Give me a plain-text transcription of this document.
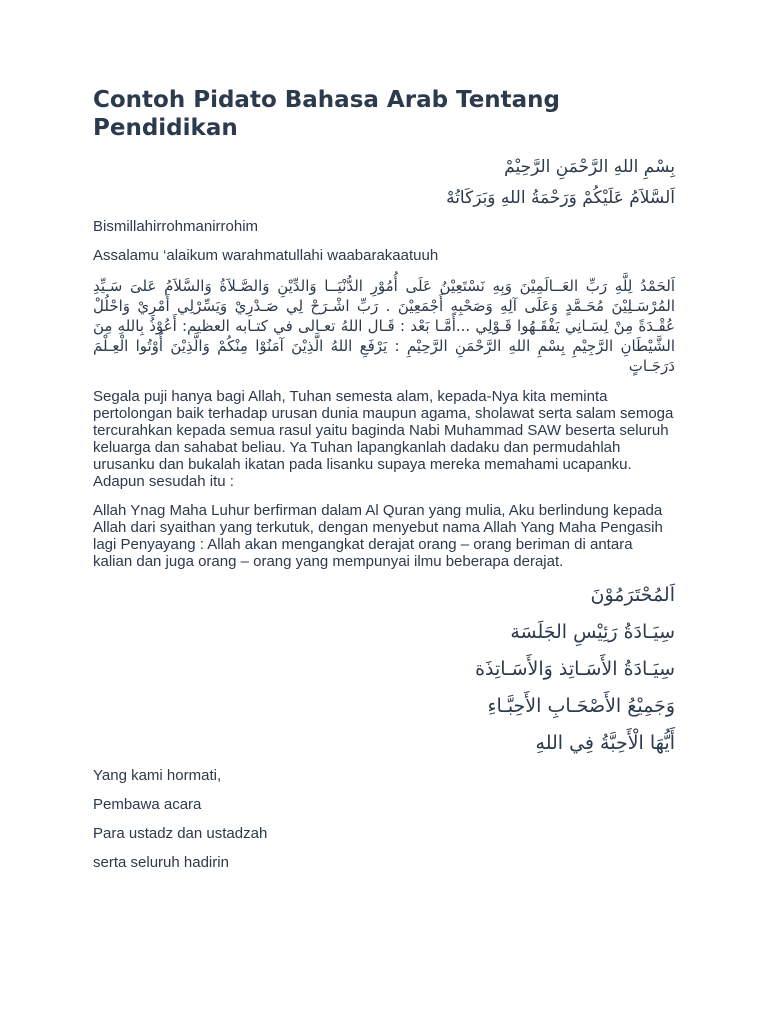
Contoh Pidato Bahasa Arab Tentang Pendidikan

بِسْمِ اللهِ الرَّحْمَنِ الرَّحِيْمْ

اَلسَّلاَمُ عَلَيْكُمْ وَرَحْمَةُ اللهِ وَبَرَكَاتُهْ

Bismillahirrohmanirrohim

Assalamu ‘alaikum warahmatullahi waabarakaatuuh

اَلحَمْدُ لِلَّهِ رَبِّ العَــالَمِيْنَ وَبِهِ نَسْتَعِيْنُ عَلَى أُمُوْرِ الدُّنْيَــا وَالدِّيْنِ وَالصَّـلاَةُ وَالسَّلاَمُ عَلىَ سَـيِّدِ المُرْسَـلِيْنَ مُحَـمَّدٍ وَعَلَى آلِهِ وَصَحْبِهِ أَجْمَعِيْنَ . رَبِّ اشْـرَحْ لِي صَـدْرِيْ وَيَسِّرْلِي أَمْرِيْ وَاحْلُلْ عُقْـدَةً مِنْ لِسَـانِي يَفْقَـهُوا قَـوْلِي ...أَمَّـا بَعْد : قَـال اللهُ تعـالى في كتـابه العظيم: أَعُوْذُ بِاللهِ مِنَ الشَّيْطَانِ الرَّجِيْمِ بِسْمِ اللهِ الرَّحْمَنِ الرَّحِيْمِ : يَرْفَعِ اللهُ الَّذِيْنَ آمَنُوْا مِنْكُمْ وَالَّذِيْنَ أُوْتُوا الْعِـلْمَ دَرَجَـاتٍ

Segala puji hanya bagi Allah, Tuhan semesta alam, kepada-Nya kita meminta pertolongan baik terhadap urusan dunia maupun agama, sholawat serta salam semoga tercurahkan kepada semua rasul yaitu baginda Nabi Muhammad SAW beserta seluruh keluarga dan sahabat beliau. Ya Tuhan lapangkanlah dadaku dan permudahlah urusanku dan bukalah ikatan pada lisanku supaya mereka memahami ucapanku. Adapun sesudah itu :

Allah Ynag Maha Luhur berfirman dalam Al Quran yang mulia, Aku berlindung kepada Allah dari syaithan yang terkutuk, dengan menyebut nama Allah Yang Maha Pengasih lagi Penyayang : Allah akan mengangkat derajat orang – orang beriman di antara kalian dan juga orang – orang yang mempunyai ilmu beberapa derajat.

اَلمُحْتَرَمُوْنَ

سِيَـادَةُ رَئِيْسِ الجَلَسَة

سِيَـادَةُ الأَسَـاتِذ وَالأَسَـاتِذَة

وَجَمِيْعُ الأَصْحَـابِ الأَحِبَّـاءِ

أَيُّهَا الْأَحِبَّةُ فِي اللهِ

Yang kami hormati,

Pembawa acara

Para ustadz dan ustadzah

serta seluruh hadirin
